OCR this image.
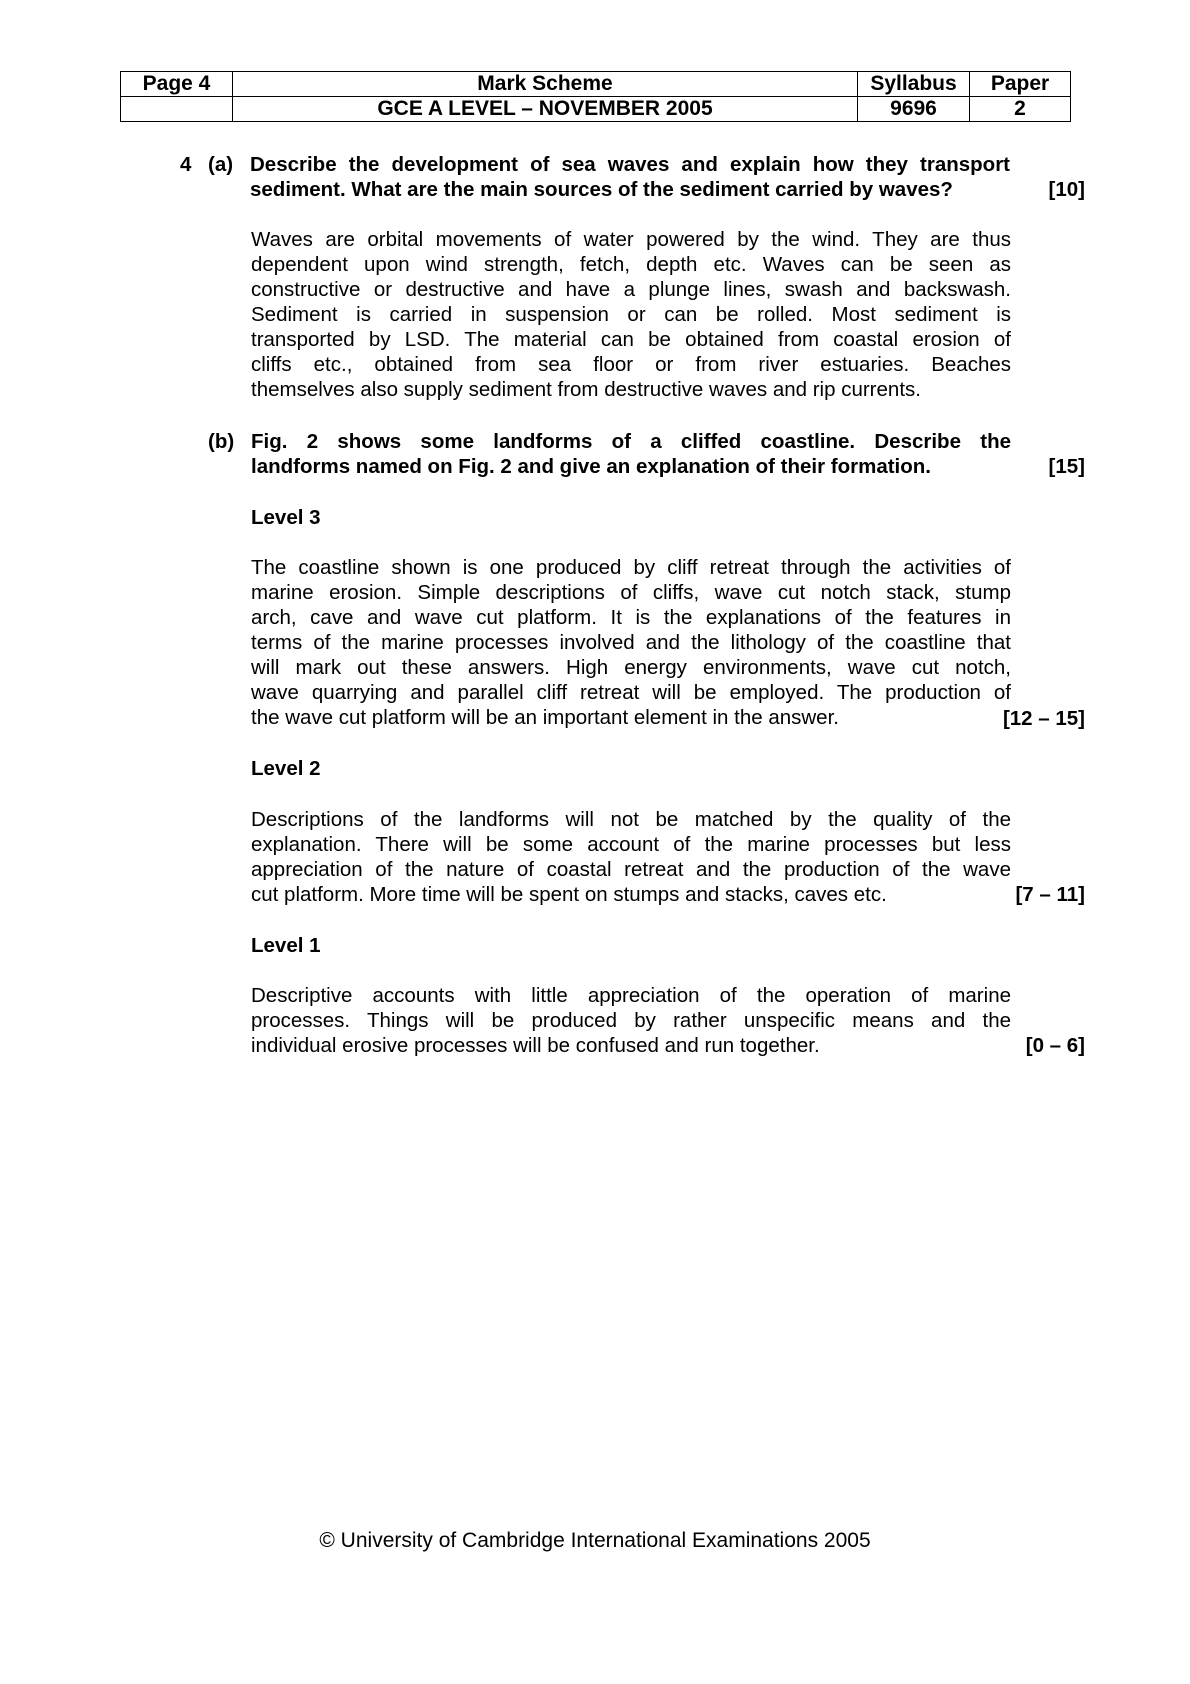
Page 4	Mark Scheme	Syllabus	Paper
	GCE A LEVEL – NOVEMBER 2005	9696	2
4 (a) Describe the development of sea waves and explain how they transport
sediment. What are the main sources of the sediment carried by waves?	[10]
Waves are orbital movements of water powered by the wind. They are thus
dependent upon wind strength, fetch, depth etc. Waves can be seen as
constructive or destructive and have a plunge lines, swash and backswash.
Sediment is carried in suspension or can be rolled. Most sediment is
transported by LSD. The material can be obtained from coastal erosion of
cliffs etc., obtained from sea floor or from river estuaries. Beaches
themselves also supply sediment from destructive waves and rip currents.
(b) Fig. 2 shows some landforms of a cliffed coastline. Describe the
landforms named on Fig. 2 and give an explanation of their formation.	[15]
Level 3
The coastline shown is one produced by cliff retreat through the activities of
marine erosion. Simple descriptions of cliffs, wave cut notch stack, stump
arch, cave and wave cut platform. It is the explanations of the features in
terms of the marine processes involved and the lithology of the coastline that
will mark out these answers. High energy environments, wave cut notch,
wave quarrying and parallel cliff retreat will be employed. The production of
the wave cut platform will be an important element in the answer.	[12 – 15]
Level 2
Descriptions of the landforms will not be matched by the quality of the
explanation. There will be some account of the marine processes but less
appreciation of the nature of coastal retreat and the production of the wave
cut platform. More time will be spent on stumps and stacks, caves etc.	[7 – 11]
Level 1
Descriptive accounts with little appreciation of the operation of marine
processes. Things will be produced by rather unspecific means and the
individual erosive processes will be confused and run together.	[0 – 6]
© University of Cambridge International Examinations 2005
